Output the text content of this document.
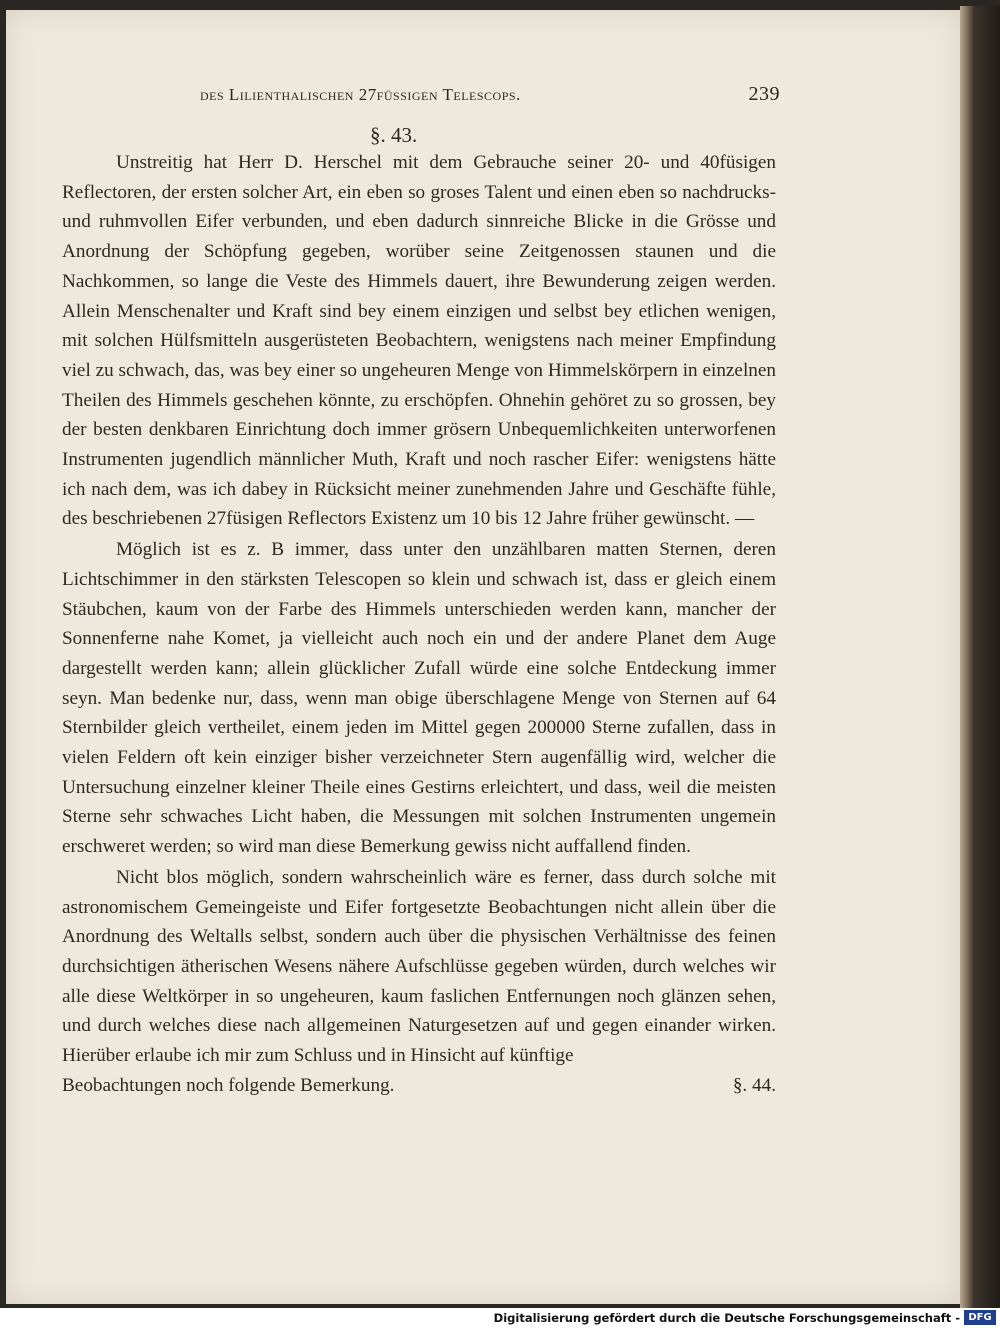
des Lilienthalischen 27füssigen Telescops.	239
§. 43.

Unstreitig hat Herr D. Herschel mit dem Gebrauche seiner 20- und 40füsigen Reflectoren, der ersten solcher Art, ein eben so groses Talent und einen eben so nachdrucks- und ruhmvollen Eifer verbunden, und eben dadurch sinnreiche Blicke in die Grösse und Anordnung der Schöpfung gegeben, worüber seine Zeitgenossen staunen und die Nachkommen, so lange die Veste des Himmels dauert, ihre Bewunderung zeigen werden. Allein Menschenalter und Kraft sind bey einem einzigen und selbst bey etlichen wenigen, mit solchen Hülfsmitteln ausgerüsteten Beobachtern, wenigstens nach meiner Empfindung viel zu schwach, das, was bey einer so ungeheuren Menge von Himmelskörpern in einzelnen Theilen des Himmels geschehen könnte, zu erschöpfen. Ohnehin gehöret zu so grossen, bey der besten denkbaren Einrichtung doch immer grösern Unbequemlichkeiten unterworfenen Instrumenten jugendlich männlicher Muth, Kraft und noch rascher Eifer: wenigstens hätte ich nach dem, was ich dabey in Rücksicht meiner zunehmenden Jahre und Geschäfte fühle, des beschriebenen 27füsigen Reflectors Existenz um 10 bis 12 Jahre früher gewünscht. —

Möglich ist es z. B immer, dass unter den unzählbaren matten Sternen, deren Lichtschimmer in den stärksten Telescopen so klein und schwach ist, dass er gleich einem Stäubchen, kaum von der Farbe des Himmels unterschieden werden kann, mancher der Sonnenferne nahe Komet, ja vielleicht auch noch ein und der andere Planet dem Auge dargestellt werden kann; allein glücklicher Zufall würde eine solche Entdeckung immer seyn. Man bedenke nur, dass, wenn man obige überschlagene Menge von Sternen auf 64 Sternbilder gleich vertheilet, einem jeden im Mittel gegen 200000 Sterne zufallen, dass in vielen Feldern oft kein einziger bisher verzeichneter Stern augenfällig wird, welcher die Untersuchung einzelner kleiner Theile eines Gestirns erleichtert, und dass, weil die meisten Sterne sehr schwaches Licht haben, die Messungen mit solchen Instrumenten ungemein erschweret werden; so wird man diese Bemerkung gewiss nicht auffallend finden.

Nicht blos möglich, sondern wahrscheinlich wäre es ferner, dass durch solche mit astronomischem Gemeingeiste und Eifer fortgesetzte Beobachtungen nicht allein über die Anordnung des Weltalls selbst, sondern auch über die physischen Verhältnisse des feinen durchsichtigen ätherischen Wesens nähere Aufschlüsse gegeben würden, durch welches wir alle diese Weltkörper in so ungeheuren, kaum faslichen Entfernungen noch glänzen sehen, und durch welches diese nach allgemeinen Naturgesetzen auf und gegen einander wirken. Hierüber erlaube ich mir zum Schluss und in Hinsicht auf künftige

Beobachtungen noch folgende Bemerkung.	§. 44.
Digitalisierung gefördert durch die Deutsche Forschungsgemeinschaft - DFG
